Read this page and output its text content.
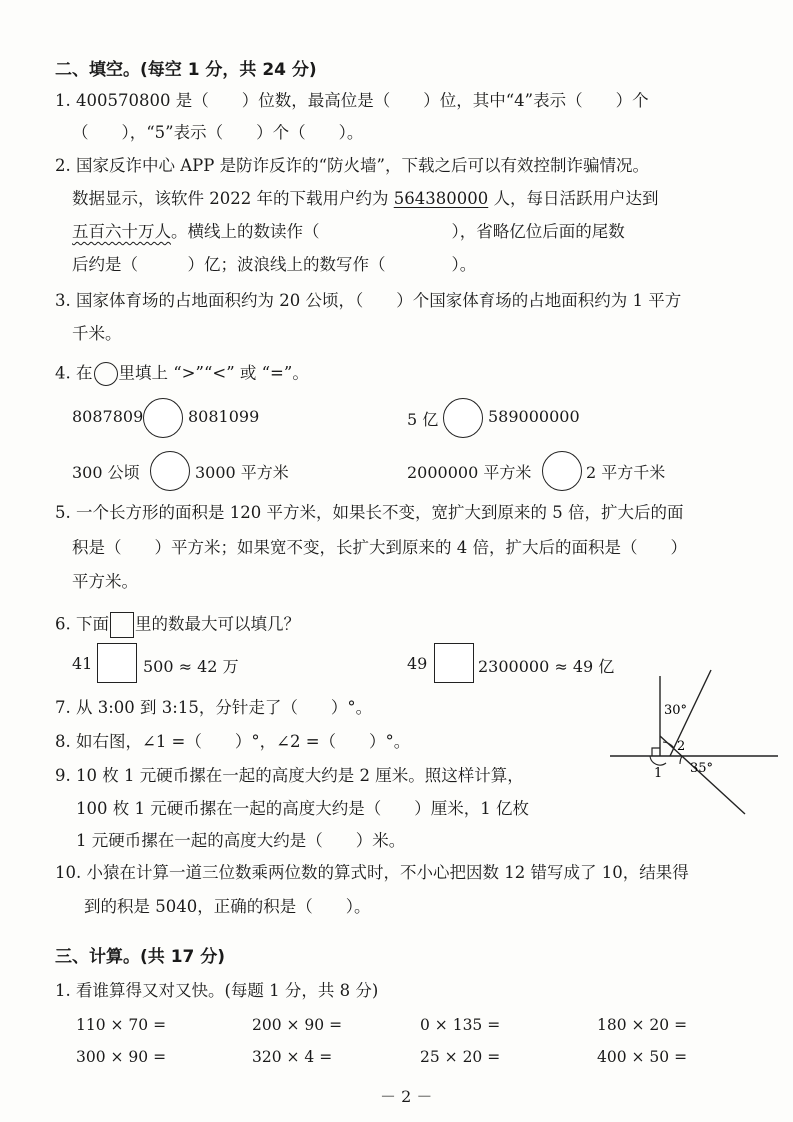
二、填空。(每空 1 分，共 24 分)
1. 400570800 是（　　）位数，最高位是（　　）位，其中“4”表示（　　）个
（　　），“5”表示（　　）个（　　）。
2. 国家反诈中心 APP 是防诈反诈的“防火墙”，下载之后可以有效控制诈骗情况。
数据显示，该软件 2022 年的下载用户约为 564380000 人，每日活跃用户达到
五百六十万人。横线上的数读作（　　　　　　　　），省略亿位后面的尾数
后约是（　　　）亿；波浪线上的数写作（　　　　）。
3. 国家体育场的占地面积约为 20 公顷，（　　）个国家体育场的占地面积约为 1 平方
千米。
4. 在 里填上 “>”“<” 或 “=”。
8087809	8081099	5 亿	589000000
300 公顷	3000 平方米	2000000 平方米	2 平方千米
5. 一个长方形的面积是 120 平方米，如果长不变，宽扩大到原来的 5 倍，扩大后的面
积是（　　）平方米；如果宽不变，长扩大到原来的 4 倍，扩大后的面积是（　　）
平方米。
6. 下面 里的数最大可以填几？
41	500 ≈ 42 万	49	2300000 ≈ 49 亿
7. 从 3:00 到 3:15，分针走了（　　）°。
8. 如右图，∠1 =（　　）°，∠2 =（　　）°。
9. 10 枚 1 元硬币摞在一起的高度大约是 2 厘米。照这样计算，
100 枚 1 元硬币摞在一起的高度大约是（　　）厘米，1 亿枚
1 元硬币摞在一起的高度大约是（　　）米。
30°
2
35°
1
10. 小猿在计算一道三位数乘两位数的算式时，不小心把因数 12 错写成了 10，结果得
到的积是 5040，正确的积是（　　）。
三、计算。(共 17 分)
1. 看谁算得又对又快。(每题 1 分，共 8 分)
110 × 70 =	200 × 90 =	0 × 135 =	180 × 20 =
300 × 90 =	320 × 4 =	25 × 20 =	400 × 50 =
－ 2 －
